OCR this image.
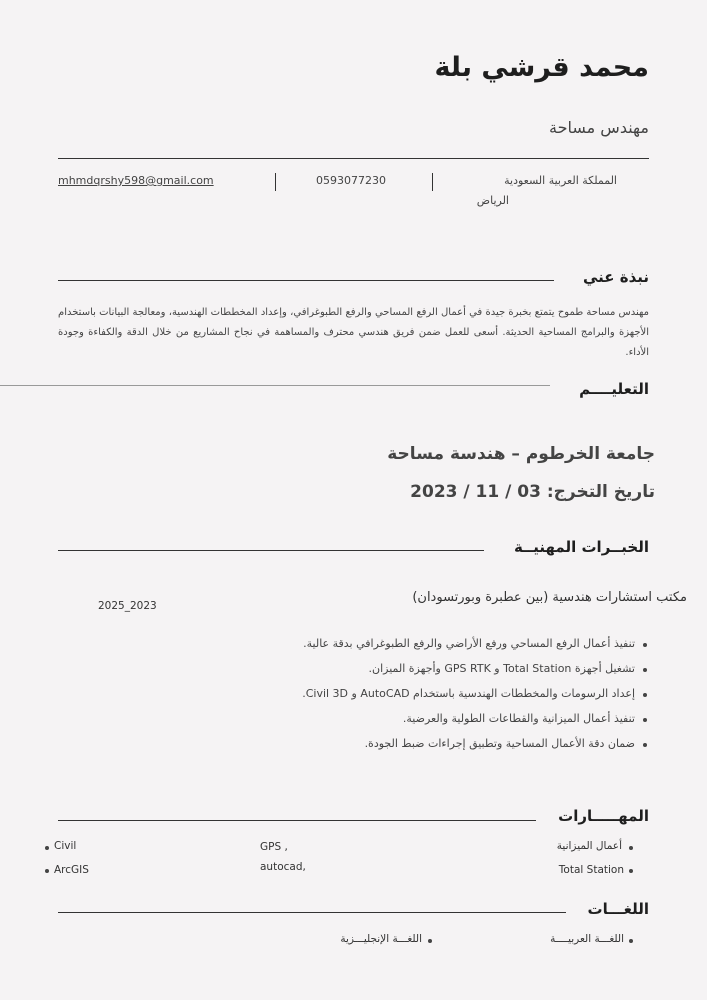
محمد قرشي بلة
مهندس مساحة
mhmdqrshy598@gmail.com	0593077230	المملكة العربية السعودية
الرياض
نبذة عني
مهندس مساحة طموح يتمتع بخبرة جيدة في أعمال الرفع المساحي والرفع الطبوغرافي، وإعداد المخططات الهندسية، ومعالجة البيانات باستخدام الأجهزة والبرامج المساحية الحديثة. أسعى للعمل ضمن فريق هندسي محترف والمساهمة في نجاح المشاريع من خلال الدقة والكفاءة وجودة الأداء.
التعليــــم
جامعة الخرطوم – هندسة مساحة
تاريخ التخرج: 03 / 11 / 2023
الخبــرات المهنيــة
مكتب استشارات هندسية (بين عطبرة وبورتسودان)
2025_2023
تنفيذ أعمال الرفع المساحي ورفع الأراضي والرفع الطبوغرافي بدقة عالية.
تشغيل أجهزة Total Station و GPS RTK وأجهزة الميزان.
إعداد الرسومات والمخططات الهندسية باستخدام AutoCAD و Civil 3D.
تنفيذ أعمال الميزانية والقطاعات الطولية والعرضية.
ضمان دقة الأعمال المساحية وتطبيق إجراءات ضبط الجودة.
المهـــــارات
أعمال الميزانية
Total Station
GPS ,
autocad,
Civil
ArcGIS
اللغـــات
اللغـــة العربيــــة
اللغـــة الإنجليـــزية
